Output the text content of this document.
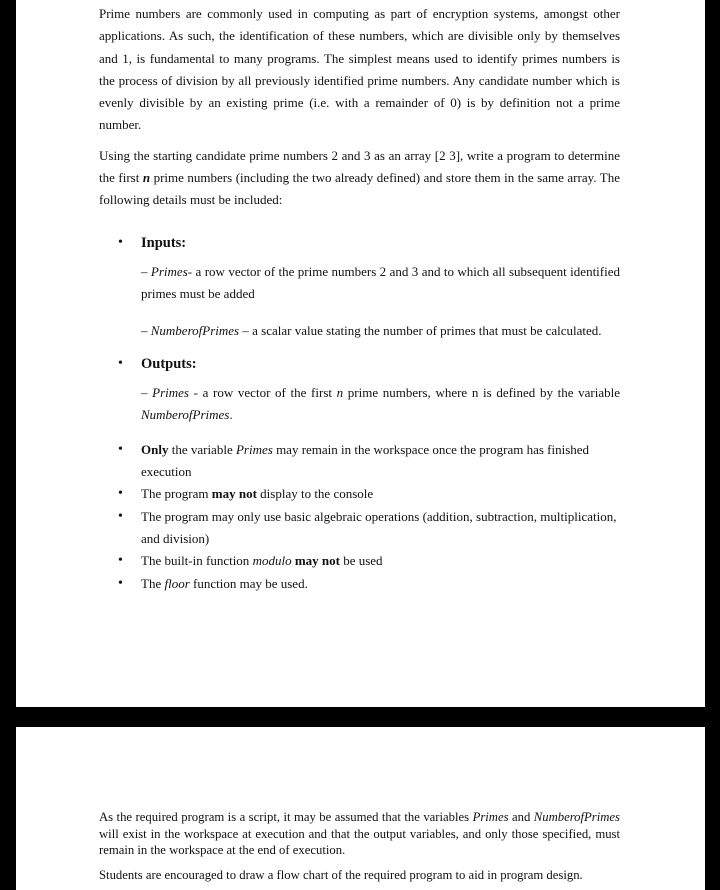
Prime numbers are commonly used in computing as part of encryption systems, amongst other applications. As such, the identification of these numbers, which are divisible only by themselves and 1, is fundamental to many programs. The simplest means used to identify primes numbers is the process of division by all previously identified prime numbers. Any candidate number which is evenly divisible by an existing prime (i.e. with a remainder of 0) is by definition not a prime number.

Using the starting candidate prime numbers 2 and 3 as an array [2 3], write a program to determine the first n prime numbers (including the two already defined) and store them in the same array. The following details must be included:

• Inputs:
– Primes- a row vector of the prime numbers 2 and 3 and to which all subsequent identified primes must be added
– NumberofPrimes – a scalar value stating the number of primes that must be calculated.
• Outputs:
– Primes - a row vector of the first n prime numbers, where n is defined by the variable NumberofPrimes.
• Only the variable Primes may remain in the workspace once the program has finished execution
• The program may not display to the console
• The program may only use basic algebraic operations (addition, subtraction, multiplication, and division)
• The built-in function modulo may not be used
• The floor function may be used.

As the required program is a script, it may be assumed that the variables Primes and NumberofPrimes will exist in the workspace at execution and that the output variables, and only those specified, must remain in the workspace at the end of execution.

Students are encouraged to draw a flow chart of the required program to aid in program design.
